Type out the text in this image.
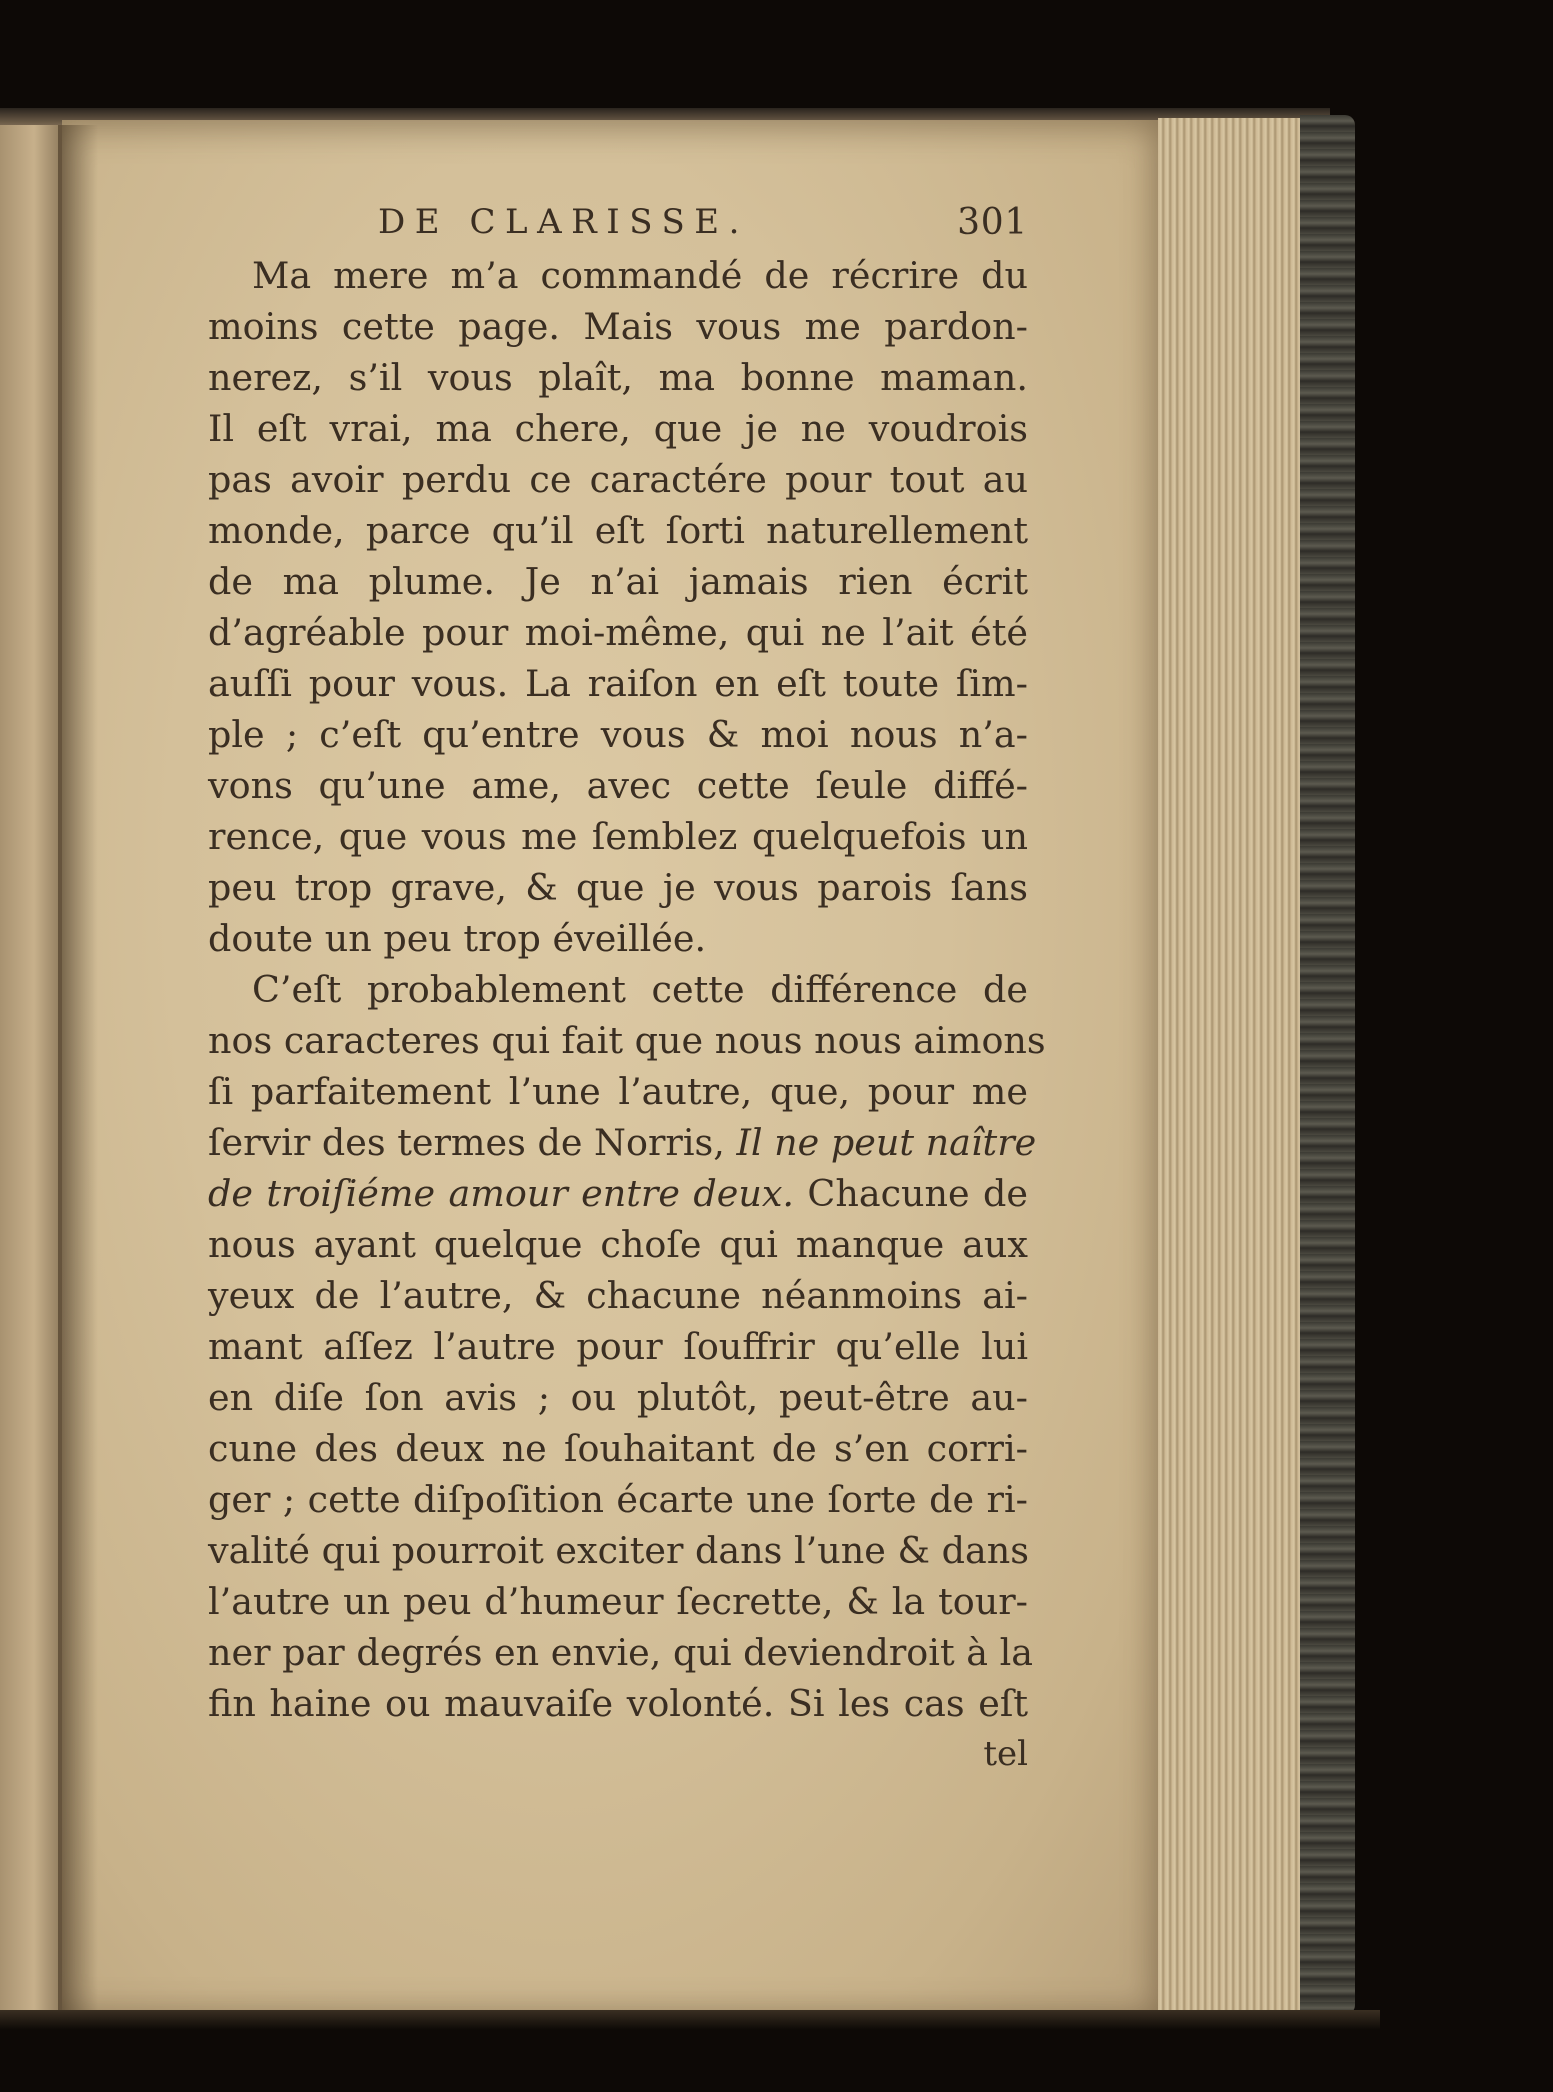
DE CLARISSE.	301
Ma mere m’a commandé de récrire du
moins cette page. Mais vous me pardon-
nerez, s’il vous plaît, ma bonne maman.
Il eſt vrai, ma chere, que je ne voudrois
pas avoir perdu ce caractére pour tout au
monde, parce qu’il eſt ſorti naturellement
de ma plume. Je n’ai jamais rien écrit
d’agréable pour moi-même, qui ne l’ait été
auſſi pour vous. La raiſon en eſt toute ſim-
ple ; c’eſt qu’entre vous & moi nous n’a-
vons qu’une ame, avec cette ſeule diffé-
rence, que vous me ſemblez quelquefois un
peu trop grave, & que je vous parois ſans
doute un peu trop éveillée.
C’eſt probablement cette différence de
nos caracteres qui fait que nous nous aimons
ſi parfaitement l’une l’autre, que, pour me
ſervir des termes de Norris, Il ne peut naître
de troiſiéme amour entre deux. Chacune de
nous ayant quelque choſe qui manque aux
yeux de l’autre, & chacune néanmoins ai-
mant aſſez l’autre pour ſouffrir qu’elle lui
en diſe ſon avis ; ou plutôt, peut-être au-
cune des deux ne ſouhaitant de s’en corri-
ger ; cette diſpoſition écarte une ſorte de ri-
valité qui pourroit exciter dans l’une & dans
l’autre un peu d’humeur ſecrette, & la tour-
ner par degrés en envie, qui deviendroit à la
fin haine ou mauvaiſe volonté. Si les cas eſt
tel
